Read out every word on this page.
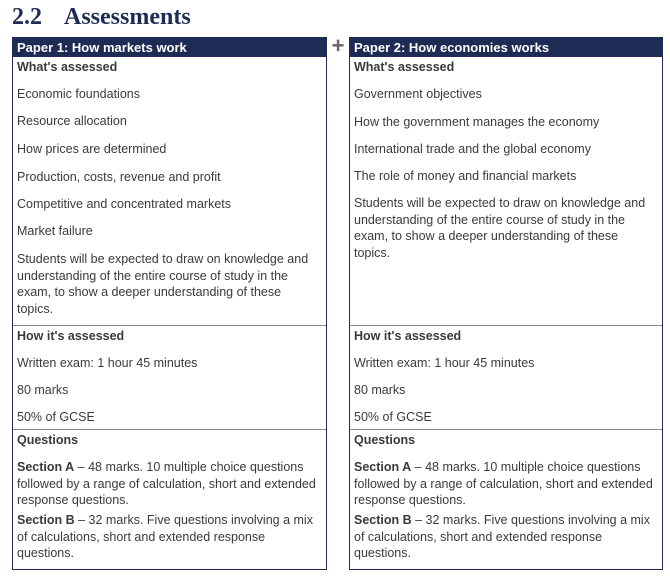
2.2 Assessments
+
Paper 1: How markets work
What's assessed
Economic foundations
Resource allocation
How prices are determined
Production, costs, revenue and profit
Competitive and concentrated markets
Market failure
Students will be expected to draw on knowledge and understanding of the entire course of study in the exam, to show a deeper understanding of these topics.
How it's assessed
Written exam: 1 hour 45 minutes
80 marks
50% of GCSE
Questions
Section A – 48 marks. 10 multiple choice questions followed by a range of calculation, short and extended response questions.
Section B – 32 marks. Five questions involving a mix of calculations, short and extended response questions.
Paper 2: How economies works
What's assessed
Government objectives
How the government manages the economy
International trade and the global economy
The role of money and financial markets
Students will be expected to draw on knowledge and understanding of the entire course of study in the exam, to show a deeper understanding of these topics.
How it's assessed
Written exam: 1 hour 45 minutes
80 marks
50% of GCSE
Questions
Section A – 48 marks. 10 multiple choice questions followed by a range of calculation, short and extended response questions.
Section B – 32 marks. Five questions involving a mix of calculations, short and extended response questions.
